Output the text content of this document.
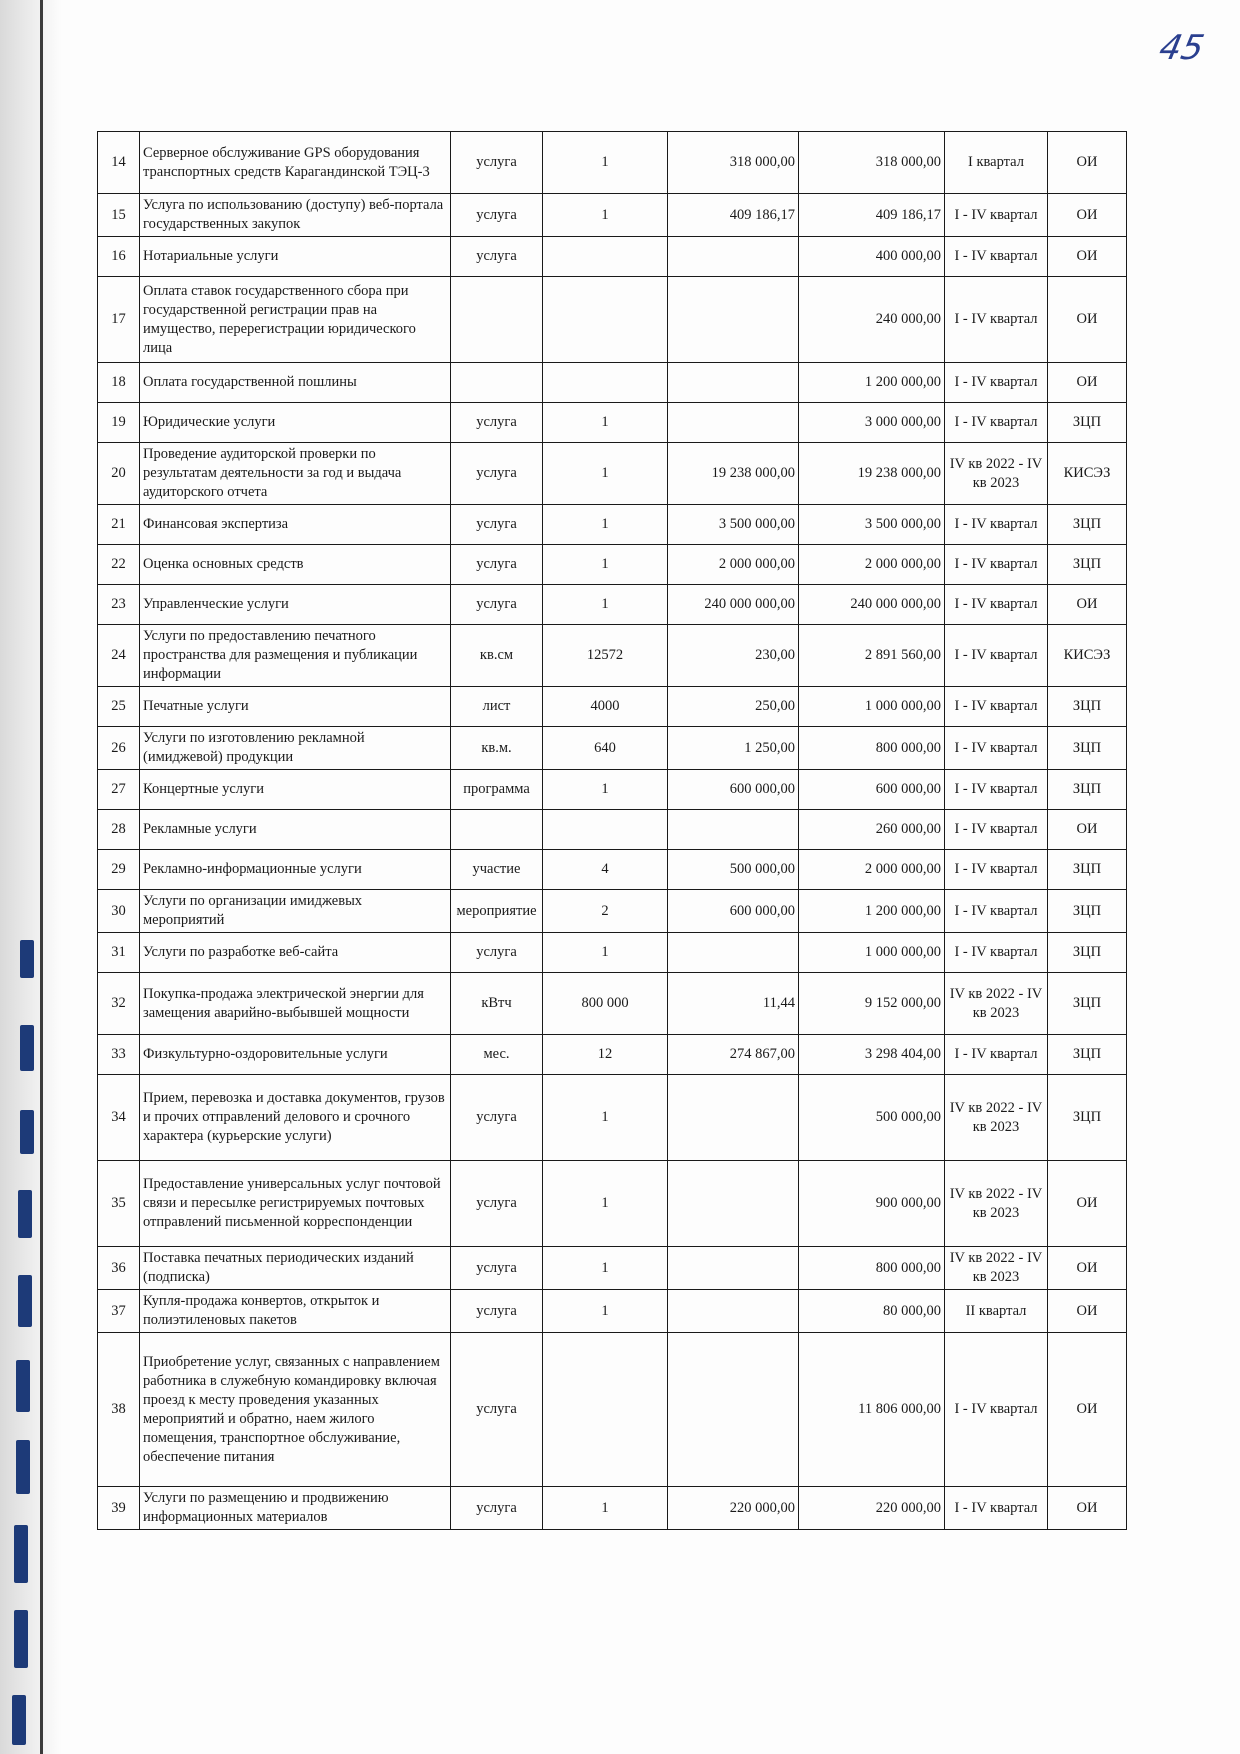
45
14	Серверное обслуживание GPS оборудования транспортных средств Карагандинской ТЭЦ-3	услуга	1	318 000,00	318 000,00	I квартал	ОИ
15	Услуга по использованию (доступу) веб-портала государственных закупок	услуга	1	409 186,17	409 186,17	I - IV квартал	ОИ
16	Нотариальные услуги	услуга			400 000,00	I - IV квартал	ОИ
17	Оплата ставок государственного сбора при государственной регистрации прав на имущество, перерегистрации юридического лица				240 000,00	I - IV квартал	ОИ
18	Оплата государственной пошлины				1 200 000,00	I - IV квартал	ОИ
19	Юридические услуги	услуга	1		3 000 000,00	I - IV квартал	ЗЦП
20	Проведение аудиторской проверки по результатам деятельности за год и выдача аудиторского отчета	услуга	1	19 238 000,00	19 238 000,00	IV кв 2022 - IV кв 2023	КИСЭЗ
21	Финансовая экспертиза	услуга	1	3 500 000,00	3 500 000,00	I - IV квартал	ЗЦП
22	Оценка основных средств	услуга	1	2 000 000,00	2 000 000,00	I - IV квартал	ЗЦП
23	Управленческие услуги	услуга	1	240 000 000,00	240 000 000,00	I - IV квартал	ОИ
24	Услуги по предоставлению печатного пространства для размещения и публикации информации	кв.см	12572	230,00	2 891 560,00	I - IV квартал	КИСЭЗ
25	Печатные услуги	лист	4000	250,00	1 000 000,00	I - IV квартал	ЗЦП
26	Услуги по изготовлению рекламной (имиджевой) продукции	кв.м.	640	1 250,00	800 000,00	I - IV квартал	ЗЦП
27	Концертные услуги	программа	1	600 000,00	600 000,00	I - IV квартал	ЗЦП
28	Рекламные услуги				260 000,00	I - IV квартал	ОИ
29	Рекламно-информационные услуги	участие	4	500 000,00	2 000 000,00	I - IV квартал	ЗЦП
30	Услуги по организации имиджевых мероприятий	мероприятие	2	600 000,00	1 200 000,00	I - IV квартал	ЗЦП
31	Услуги по разработке веб-сайта	услуга	1		1 000 000,00	I - IV квартал	ЗЦП
32	Покупка-продажа электрической энергии для замещения аварийно-выбывшей мощности	кВтч	800 000	11,44	9 152 000,00	IV кв 2022 - IV кв 2023	ЗЦП
33	Физкультурно-оздоровительные услуги	мес.	12	274 867,00	3 298 404,00	I - IV квартал	ЗЦП
34	Прием, перевозка и доставка документов, грузов и прочих отправлений делового и срочного характера (курьерские услуги)	услуга	1		500 000,00	IV кв 2022 - IV кв 2023	ЗЦП
35	Предоставление универсальных услуг почтовой связи и пересылке регистрируемых почтовых отправлений письменной корреспонденции	услуга	1		900 000,00	IV кв 2022 - IV кв 2023	ОИ
36	Поставка печатных периодических изданий (подписка)	услуга	1		800 000,00	IV кв 2022 - IV кв 2023	ОИ
37	Купля-продажа конвертов, открыток и полиэтиленовых пакетов	услуга	1		80 000,00	II квартал	ОИ
38	Приобретение услуг, связанных с направлением работника в служебную командировку включая проезд к месту проведения указанных мероприятий и обратно, наем жилого помещения, транспортное обслуживание, обеспечение питания	услуга			11 806 000,00	I - IV квартал	ОИ
39	Услуги по размещению и продвижению информационных материалов	услуга	1	220 000,00	220 000,00	I - IV квартал	ОИ
